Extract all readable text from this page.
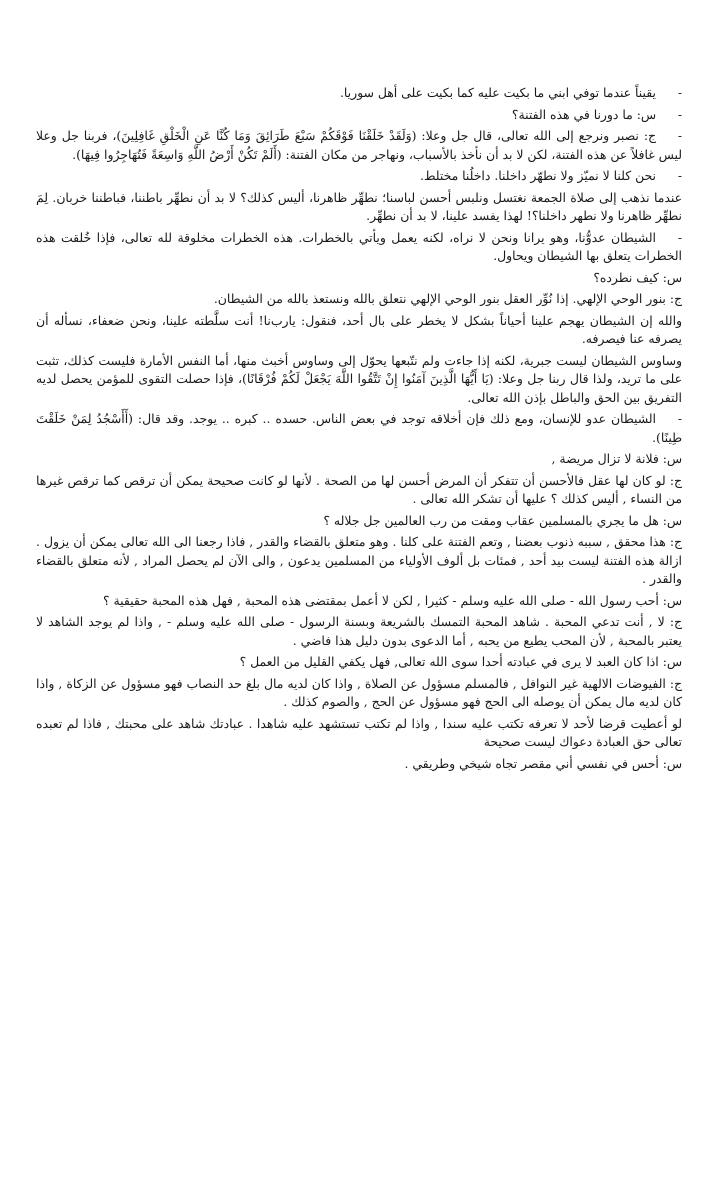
- يقيناً عندما توفي ابني ما بكيت عليه كما بكيت على أهل سوريا.

- س: ما دورنا في هذه الفتنة؟

- ج: نصبر ونرجع إلى الله تعالى، قال جل وعلا: (وَلَقَدْ خَلَقْنَا فَوْقَكُمْ سَبْعَ طَرَائِقَ وَمَا كُنَّا عَنِ الْخَلْقِ غَافِلِينَ)، فربنا جل وعلا ليس غافلاً عن هذه الفتنة، لكن لا بد أن نأخذ بالأسباب، ونهاجر من مكان الفتنة: (أَلَمْ تَكُنْ أَرْضُ اللَّهِ وَاسِعَةً فَتُهَاجِرُوا فِيهَا).

- نحن كلنا لا نميّز ولا نطهّر داخلنا. داخلُنا مختلط.

عندما نذهب إلى صلاة الجمعة نغتسل ونلبس أحسن لباسنا؛ نطهِّر ظاهرنا، أليس كذلك؟ لا بد أن نطهِّر باطننا، فباطننا خربان. لِمَ نطهِّر ظاهرنا ولا نطهر داخلنا؟! لهذا يفسد علينا، لا بد أن نطهِّر.

- الشيطان عدوُّنا، وهو يرانا ونحن لا نراه، لكنه يعمل ويأتي بالخطرات. هذه الخطرات مخلوقة لله تعالى، فإذا خُلقت هذه الخطرات يتعلق بها الشيطان ويحاول.

س: كيف نطرده؟

ج: بنور الوحي الإلهي. إذا نُوِّر العقل بنور الوحي الإلهي نتعلق بالله ونستعذ بالله من الشيطان.

والله إن الشيطان يهجم علينا أحياناً بشكل لا يخطر على بال أحد، فنقول: يارب‌نا! أنت سلَّطته علينا، ونحن ضعفاء، نسأله أن يصرفه عنا فيصرفه.

وساوس الشيطان ليست جبرية، لكنه إذا جاءت ولم نتّبعها يحوّل إلى وساوس أخبث منها، أما النفس الأمارة فليست كذلك، تثبت على ما تريد، ولذا قال ربنا جل وعلا: (يَا أَيُّهَا الَّذِينَ آمَنُوا إِنْ تَتَّقُوا اللَّهَ يَجْعَلْ لَكُمْ فُرْقَانًا)، فإذا حصلت التقوى للمؤمن يحصل لديه التفريق بين الحق والباطل بإذن الله تعالى.

- الشيطان عدو للإنسان، ومع ذلك فإن أخلاقه توجد في بعض الناس. حسده .. كبره .. يوجد. وقد قال: (أَأَسْجُدُ لِمَنْ خَلَقْتَ طِينًا).

س: فلانة لا تزال مريضة ,

ج: لو كان لها عقل فالأحسن أن تتفكر أن المرض أحسن لها من الصحة . لأنها لو كانت صحيحة يمكن أن ترقص كما ترقص غيرها من النساء , أليس كذلك ؟ عليها أن تشكر الله تعالى .

س: هل ما يجري بالمسلمين عقاب ومقت من رب العالمين جل جلاله ؟

ج: هذا محقق , سببه ذنوب بعضنا , وتعم الفتنة على كلنا . وهو متعلق بالقضاء والقدر , فاذا رجعنا الى الله تعالى يمكن أن يزول . ازالة هذه الفتنة ليست بيد أحد , فمئات بل ألوف الأولياء من المسلمين يدعون , والى الآن لم يحصل المراد , لأنه متعلق بالقضاء والقدر .

س: أحب رسول الله - صلى الله عليه وسلم - كثيرا , لكن لا أعمل بمقتضى هذه المحبة , فهل هذه المحبة حقيقية ؟

ج: لا , أنت تدعي المحبة . شاهد المحبة التمسك بالشريعة وبسنة الرسول - صلى الله عليه وسلم - , واذا لم يوجد الشاهد لا يعتبر بالمحبة , لأن المحب يطيع من يحبه , أما الدعوى بدون دليل هذا فاضي .

س: اذا كان العبد لا يرى في عبادته أحدا سوى الله تعالى, فهل يكفي القليل من العمل ؟

ج: الفيوضات الالهية غير النوافل , فالمسلم مسؤول عن الصلاة , واذا كان لديه مال بلغ حد النصاب فهو مسؤول عن الزكاة , واذا كان لديه مال يمكن أن يوصله الى الحج فهو مسؤول عن الحج , والصوم كذلك .

لو أعطيت قرضا لأحد لا تعرفه تكتب عليه سندا , واذا لم تكتب تستشهد عليه شاهدا . عبادتك شاهد على محبتك , فاذا لم تعبده تعالى حق العبادة دعواك ليست صحيحة

س: أحس في نفسي أني مقصر تجاه شيخي وطريقي .
